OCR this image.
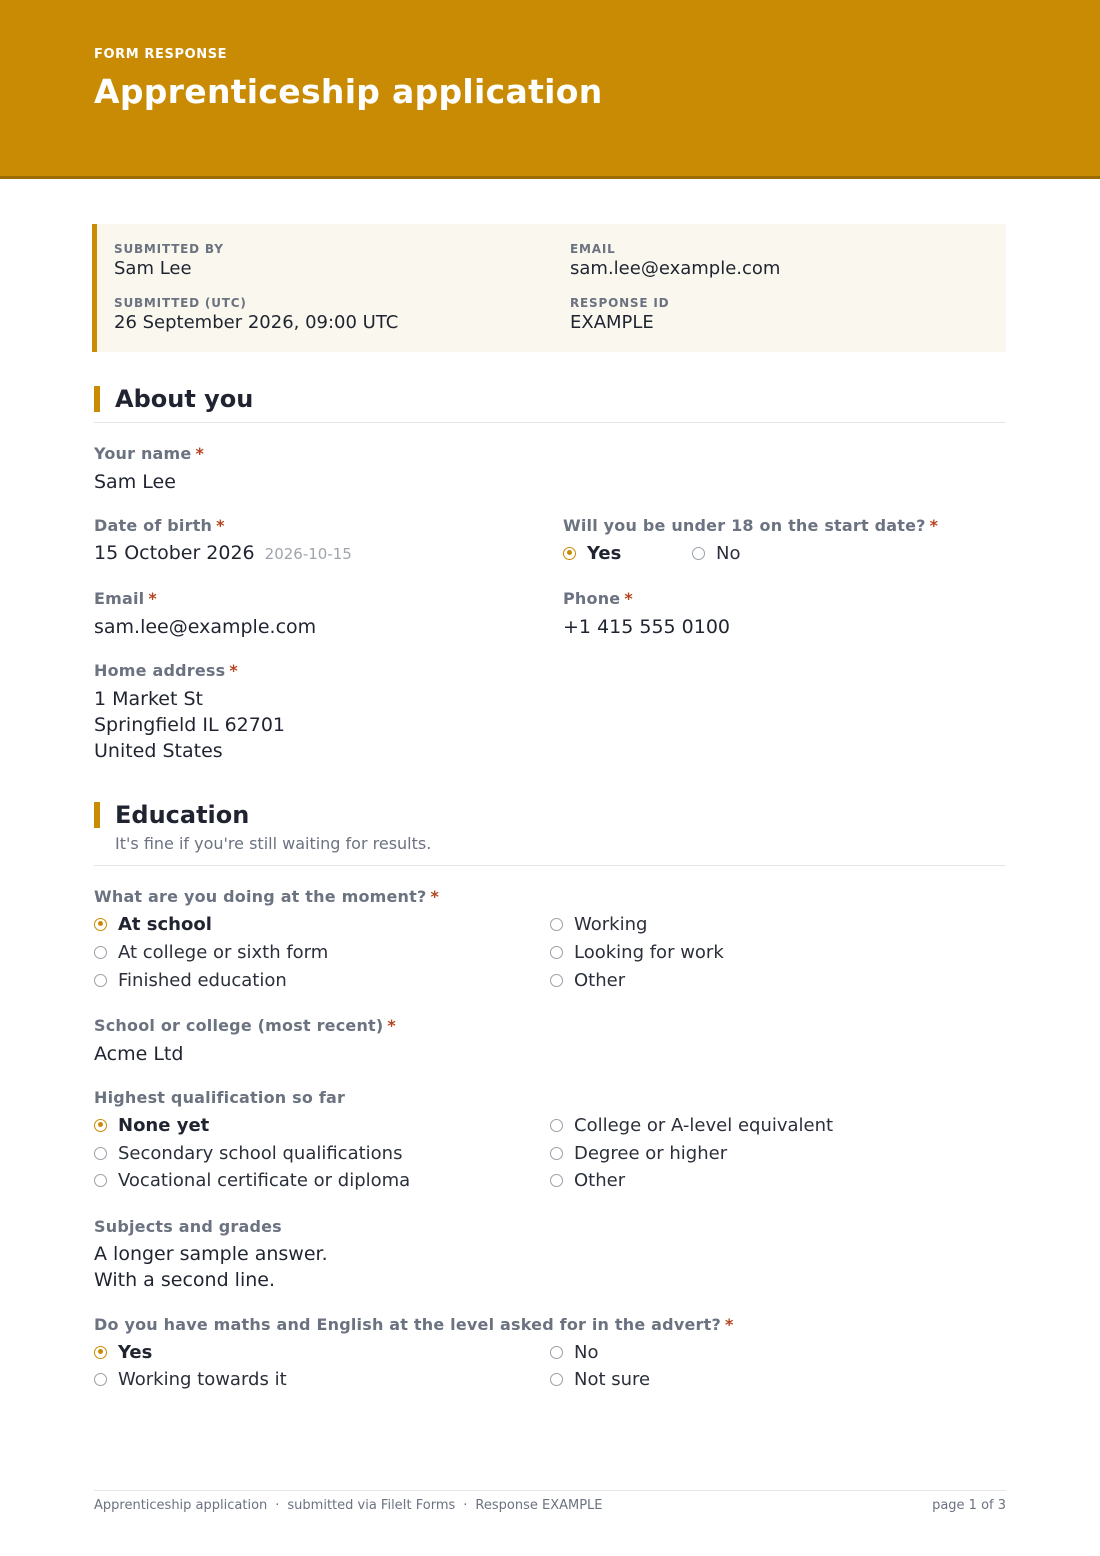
FORM RESPONSE
Apprenticeship application
SUBMITTED BY
Sam Lee
EMAIL
sam.lee@example.com
SUBMITTED (UTC)
26 September 2026, 09:00 UTC
RESPONSE ID
EXAMPLE
About you
Your name *
Sam Lee
Date of birth *
15 October 2026 2026-10-15
Will you be under 18 on the start date? *
Yes	No
Email *
sam.lee@example.com
Phone *
+1 415 555 0100
Home address *
1 Market St
Springfield IL 62701
United States
Education
It's fine if you're still waiting for results.
What are you doing at the moment? *
At school
At college or sixth form
Finished education
Working
Looking for work
Other
School or college (most recent) *
Acme Ltd
Highest qualification so far
None yet
Secondary school qualifications
Vocational certificate or diploma
College or A-level equivalent
Degree or higher
Other
Subjects and grades
A longer sample answer.
With a second line.
Do you have maths and English at the level asked for in the advert? *
Yes
Working towards it
No
Not sure
Apprenticeship application · submitted via FileIt Forms · Response EXAMPLE	page 1 of 3
